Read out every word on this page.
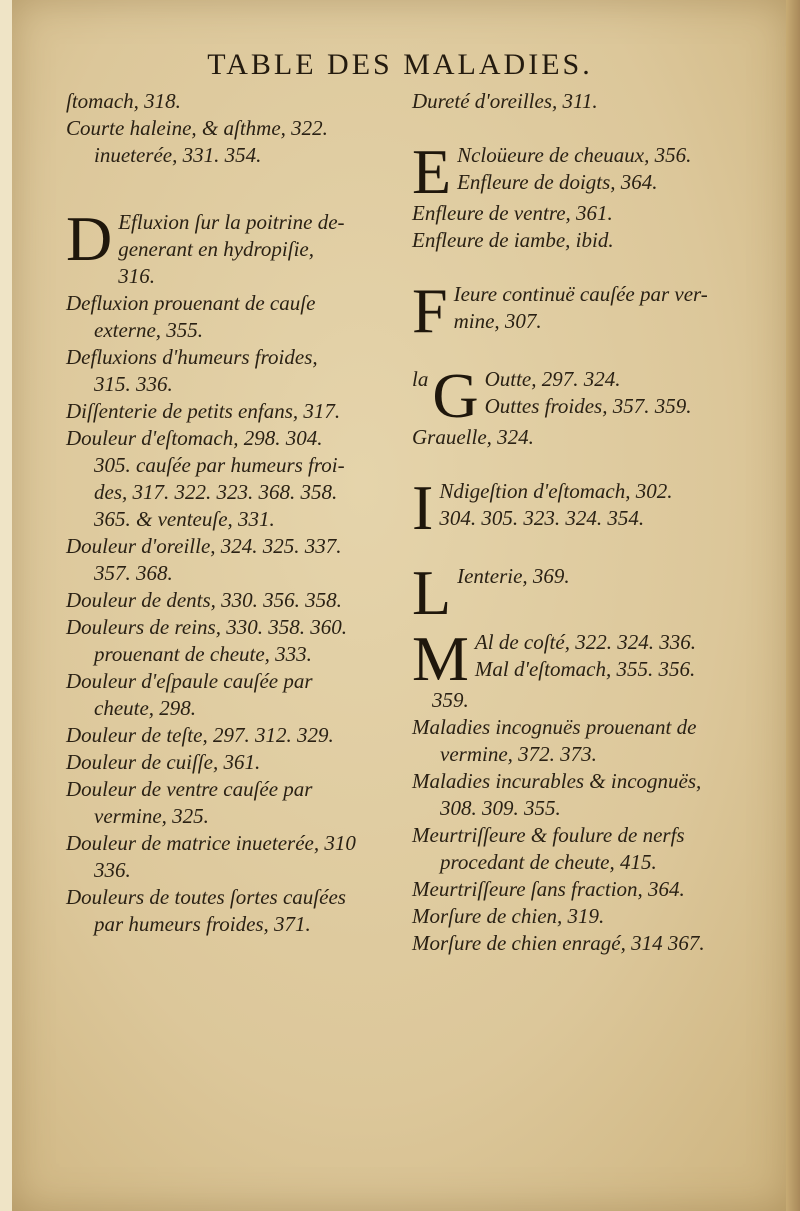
TABLE DES MALADIES.

ſtomach, 318.

Courte haleine, & aſthme, 322.

inueterée, 331. 354.

D Efluxion ſur la poitrine de-

generant en hydropiſie,

316.

Defluxion prouenant de cauſe
externe, 355.

Defluxions d'humeurs froides,
315. 336.

Diſſenterie de petits enfans, 317.

Douleur d'eſtomach, 298. 304.
305. cauſée par humeurs froi-

des, 317. 322. 323. 368. 358.

365. & venteuſe, 331.

Douleur d'oreille, 324. 325. 337.
357. 368.

Douleur de dents, 330. 356. 358.

Douleurs de reins, 330. 358. 360.
prouenant de cheute, 333.

Douleur d'eſpaule cauſée par
cheute, 298.

Douleur de teſte, 297. 312. 329.

Douleur de cuiſſe, 361.

Douleur de ventre cauſée par
vermine, 325.

Douleur de matrice inueterée, 310
336.

Douleurs de toutes ſortes cauſées
par humeurs froides, 371.

Dureté d'oreilles, 311.

E Ncloüeure de cheuaux, 356.

Enfleure de doigts, 364.

Enfleure de ventre, 361.

Enfleure de iambe, ibid.

F Ieure continuë cauſée par ver-

mine, 307.

la G Outte, 297. 324.

Outtes froides, 357. 359.

Grauelle, 324.

I Ndigeſtion d'eſtomach, 302.

304. 305. 323. 324. 354.

L Ienterie, 369.

M Al de coſté, 322. 324. 336.

Mal d'eſtomach, 355. 356.

359.

Maladies incognuës prouenant de
vermine, 372. 373.

Maladies incurables & incognuës,
308. 309. 355.

Meurtriſſeure & foulure de nerfs
procedant de cheute, 415.

Meurtriſſeure ſans fraction, 364.

Morſure de chien, 319.

Morſure de chien enragé, 314 367.
